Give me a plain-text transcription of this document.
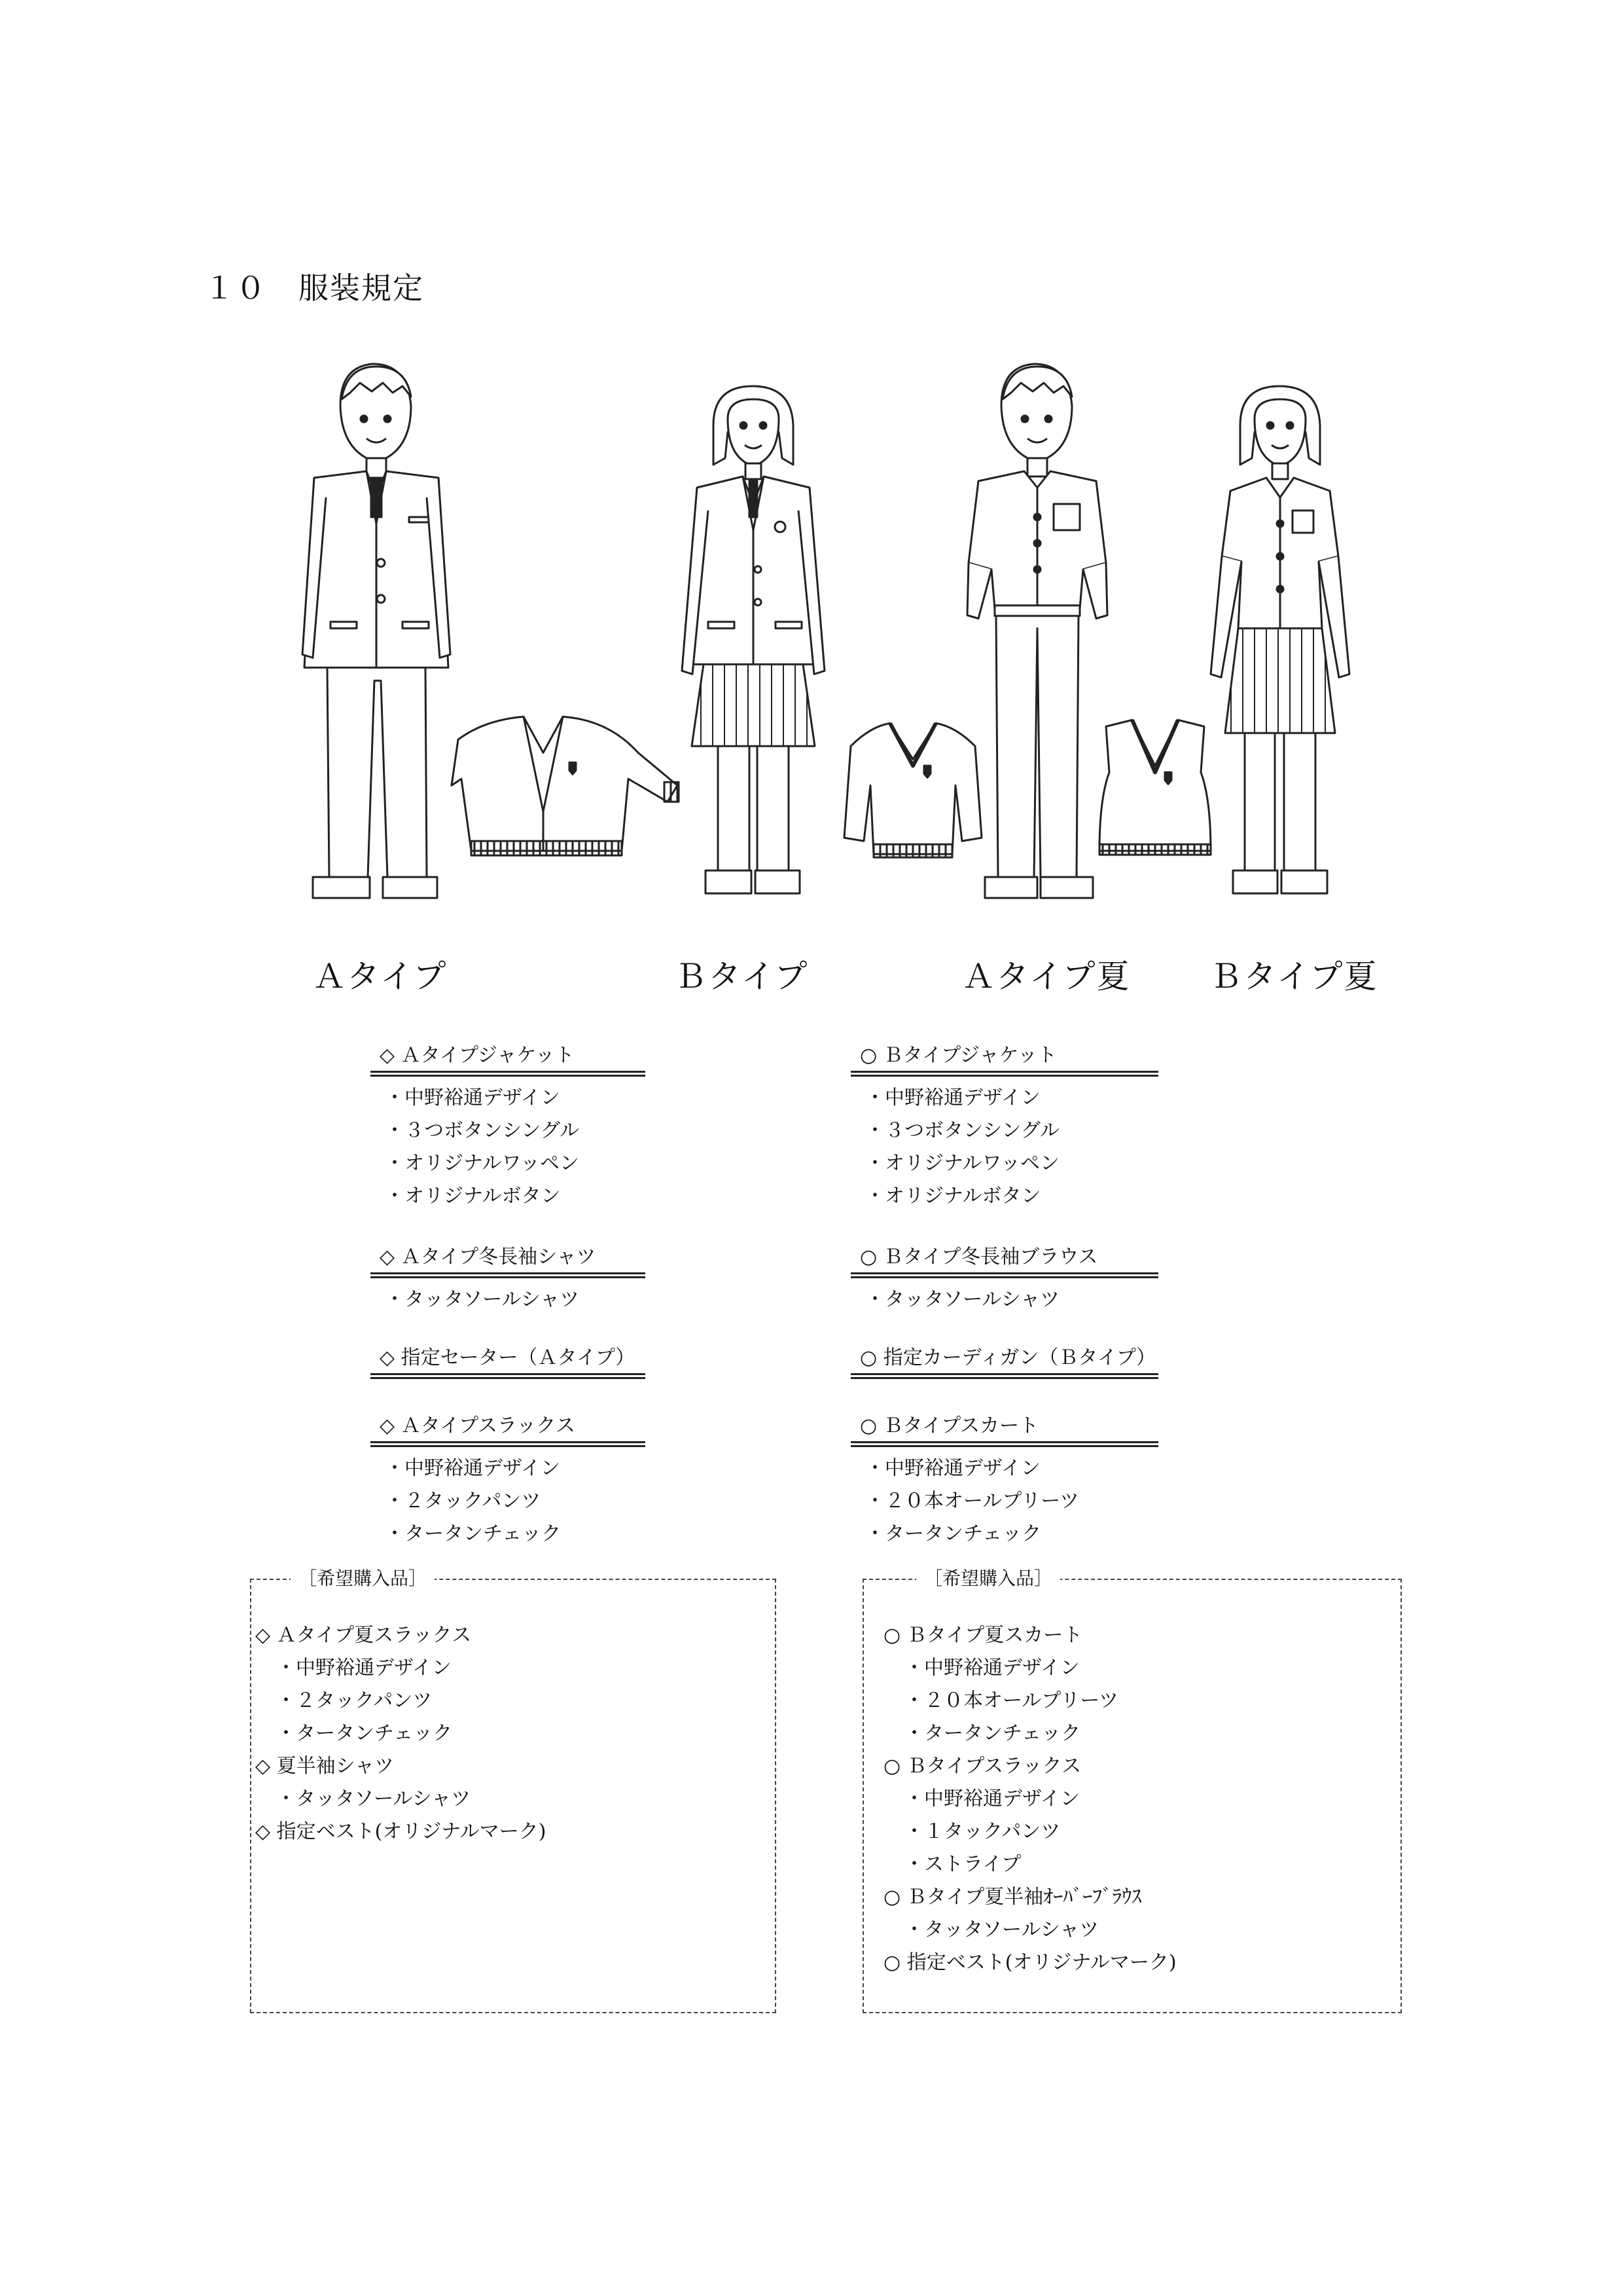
１０　服装規定
Ａタイプ	Ｂタイプ	Ａタイプ夏 Ｂタイプ夏
◇ Ａタイプジャケット
・中野裕通デザイン
・３つボタンシングル
・オリジナルワッペン
・オリジナルボタン
◇ Ａタイプ冬長袖シャツ
・タッタソールシャツ
◇ 指定セーター（Ａタイプ）
◇ Ａタイプスラックス
・中野裕通デザイン
・２タックパンツ
・タータンチェック
○ Ｂタイプジャケット
・中野裕通デザイン
・３つボタンシングル
・オリジナルワッペン
・オリジナルボタン
○ Ｂタイプ冬長袖ブラウス
・タッタソールシャツ
○ 指定カーディガン（Ｂタイプ）
○ Ｂタイプスカート
・中野裕通デザイン
・２０本オールプリーツ
・タータンチェック
［希望購入品］
◇ Ａタイプ夏スラックス
・中野裕通デザイン
・２タックパンツ
・タータンチェック
◇ 夏半袖シャツ
・タッタソールシャツ
◇ 指定ベスト(オリジナルマーク)
［希望購入品］
○ Ｂタイプ夏スカート
・中野裕通デザイン
・２０本オールプリーツ
・タータンチェック
○ Ｂタイプスラックス
・中野裕通デザイン
・１タックパンツ
・ストライプ
○ Ｂタイプ夏半袖ｵｰﾊﾞｰﾌﾞﾗｳｽ
・タッタソールシャツ
○ 指定ベスト(オリジナルマーク)
